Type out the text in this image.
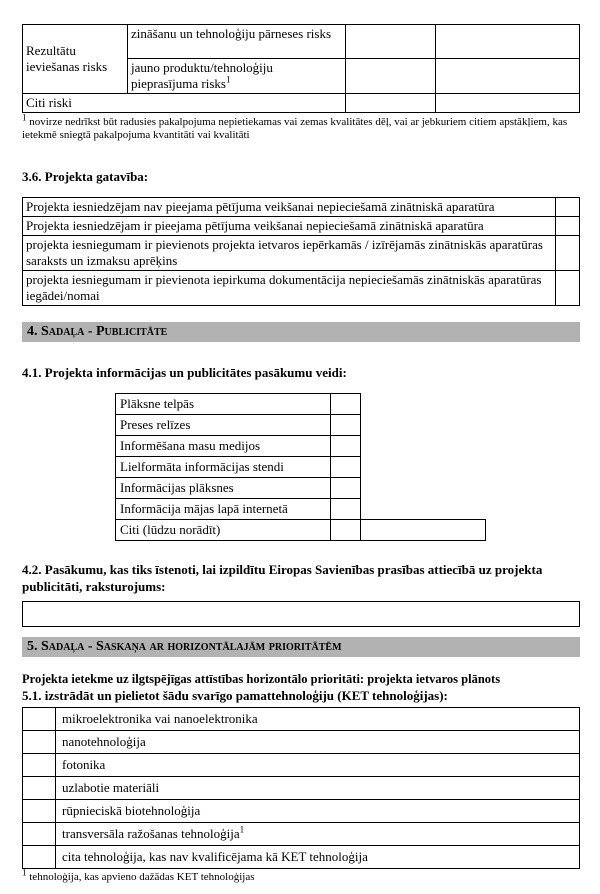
Rezultātu ieviešanas risks	zināšanu un tehnoloģiju pārneses risks		
	jauno produktu/tehnoloģiju pieprasījuma risks$^1$		
Citi riski			
$^1$ novirze nedrīkst būt radusies pakalpojuma nepietiekamas vai zemas kvalitātes dēļ, vai ar jebkuriem citiem apstākļiem, kas ietekmē sniegtā pakalpojuma kvantitāti vai kvalitāti
3.6. Projekta gatavība:
Projekta iesniedzējam nav pieejama pētījuma veikšanai nepieciešamā zinātniskā aparatūra	
Projekta iesniedzējam ir pieejama pētījuma veikšanai nepieciešamā zinātniskā aparatūra	
projekta iesniegumam ir pievienots projekta ietvaros iepērkamās / izīrējamās zinātniskās aparatūras saraksts un izmaksu aprēķins	
projekta iesniegumam ir pievienota iepirkuma dokumentācija nepieciešamās zinātniskās aparatūras iegādei/nomai	
4. Sadaļa - Publicitāte
4.1. Projekta informācijas un publicitātes pasākumu veidi:
Plāksne telpās		
Preses relīzes		
Informēšana masu medijos		
Lielformāta informācijas stendi		
Informācijas plāksnes		
Informācija mājas lapā internetā		
Citi (lūdzu norādīt)		
4.2. Pasākumu, kas tiks īstenoti, lai izpildītu Eiropas Savienības prasības attiecībā uz projekta publicitāti, raksturojums:
5. Sadaļa - Saskaņa ar horizontālajām prioritātēm
Projekta ietekme uz ilgtspējīgas attīstības horizontālo prioritāti: projekta ietvaros plānots
5.1. izstrādāt un pielietot šādu svarīgo pamattehnoloģiju (KET tehnoloģijas):
	mikroelektronika vai nanoelektronika
	nanotehnoloģija
	fotonika
	uzlabotie materiāli
	rūpnieciskā biotehnoloģija
	transversāla ražošanas tehnoloģija$^1$
	cita tehnoloģija, kas nav kvalificējama kā KET tehnoloģija
$^1$ tehnoloģija, kas apvieno dažādas KET tehnoloģijas
